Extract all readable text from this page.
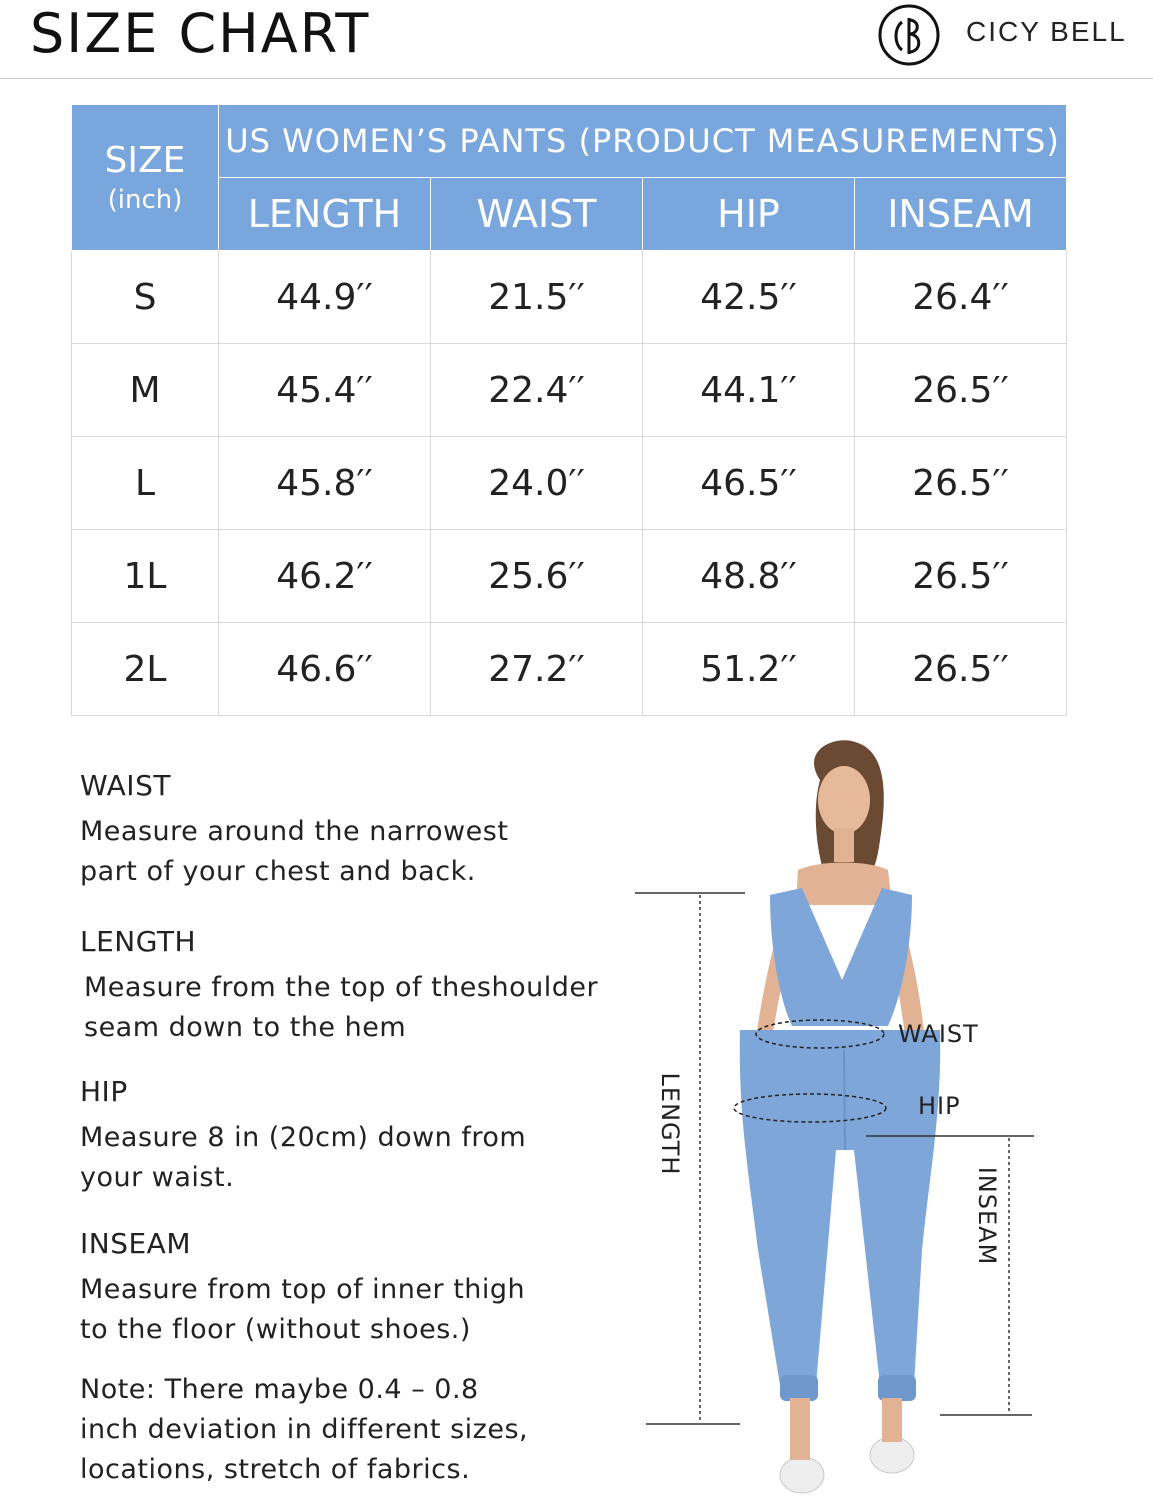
SIZE CHART	CICY BELL
SIZE
(inch)	US WOMEN’S PANTS (PRODUCT MEASUREMENTS)			
	LENGTH	WAIST	HIP	INSEAM
S	44.9′′	21.5′′	42.5′′	26.4′′
M	45.4′′	22.4′′	44.1′′	26.5′′
L	45.8′′	24.0′′	46.5′′	26.5′′
1L	46.2′′	25.6′′	48.8′′	26.5′′
2L	46.6′′	27.2′′	51.2′′	26.5′′
WAIST
Measure around the narrowest
part of your chest and back.
LENGTH
Measure from the top of theshoulder
seam down to the hem
HIP
Measure 8 in (20cm) down from
your waist.
INSEAM
Measure from top of inner thigh
to the floor (without shoes.)
Note: There maybe 0.4 – 0.8
inch deviation in different sizes,
locations, stretch of fabrics.
WAIST
HIP
LENGTH
INSEAM
